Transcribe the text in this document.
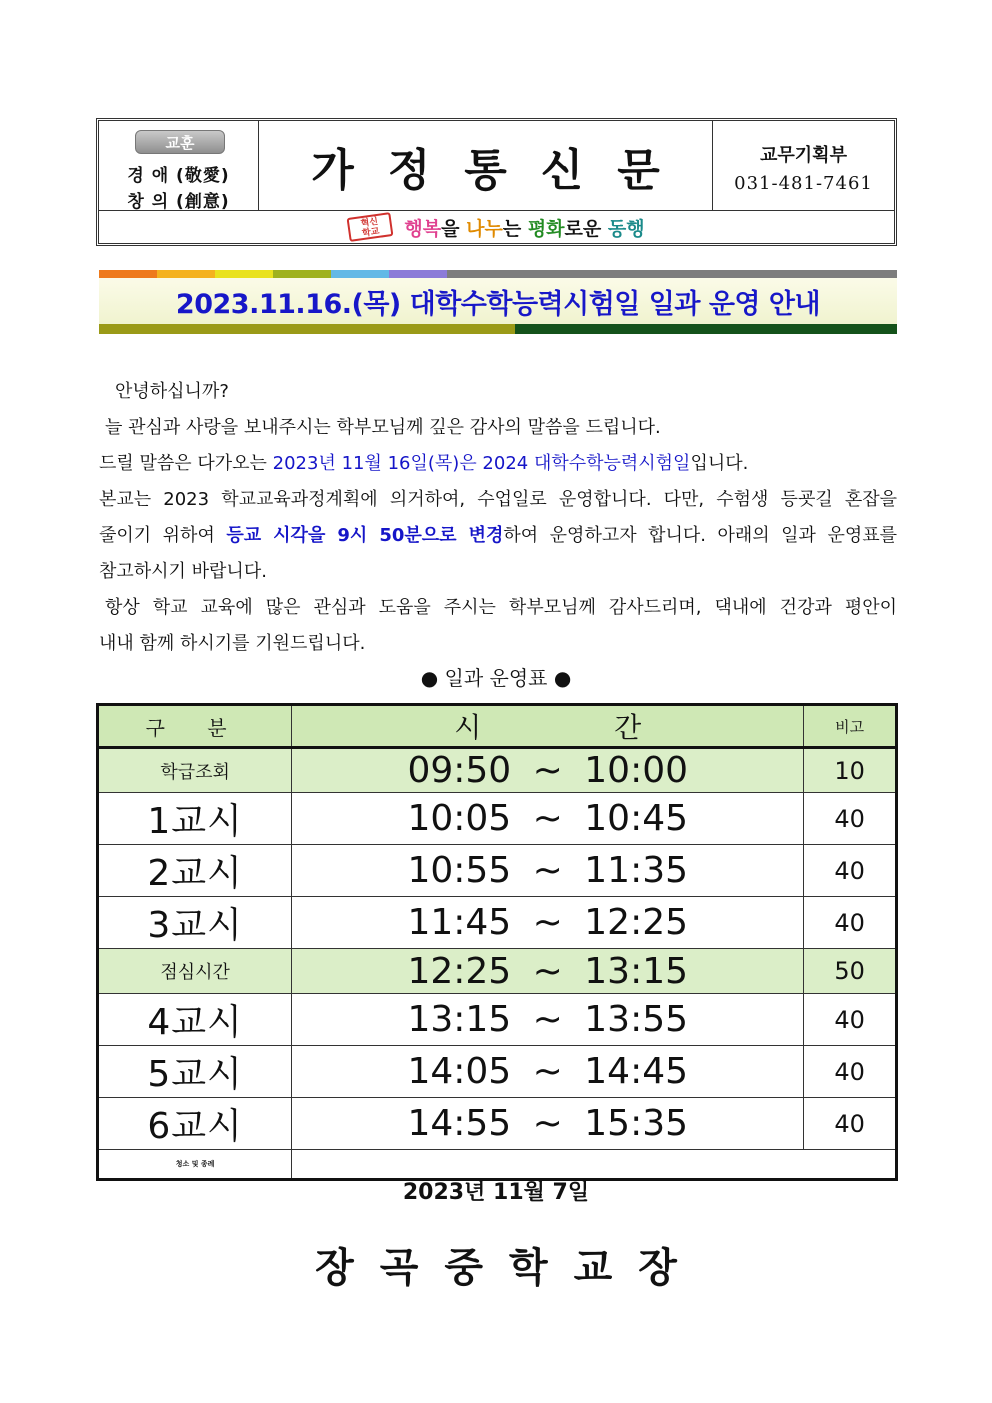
교훈
경 애 (敬愛)
창 의 (創意)
가정통신문	교무기획부
031-481-7461
혁신
학교	행복을 나누는 평화로운 동행
2023.11.16.(목) 대학수학능력시험일 일과 운영 안내
안녕하십니까?
늘 관심과 사랑을 보내주시는 학부모님께 깊은 감사의 말씀을 드립니다.
드릴 말씀은 다가오는 2023년 11월 16일(목)은 2024 대학수학능력시험일입니다.
본교는 2023 학교교육과정계획에 의거하여, 수업일로 운영합니다. 다만, 수험생 등굣길 혼잡을
줄이기 위하여 등교 시각을 9시 50분으로 변경하여 운영하고자 합니다. 아래의 일과 운영표를
참고하시기 바랍니다.
항상 학교 교육에 많은 관심과 도움을 주시는 학부모님께 감사드리며, 댁내에 건강과 평안이
내내 함께 하시기를 기원드립니다.
● 일과 운영표 ●
구 분	시 간	비고
학급조회	09:50 ~ 10:00	10
1교시	10:05 ~ 10:45	40
2교시	10:55 ~ 11:35	40
3교시	11:45 ~ 12:25	40
점심시간	12:25 ~ 13:15	50
4교시	13:15 ~ 13:55	40
5교시	14:05 ~ 14:45	40
6교시	14:55 ~ 15:35	40
청소 및 종례		
2023년 11월 7일
장곡중학교장
